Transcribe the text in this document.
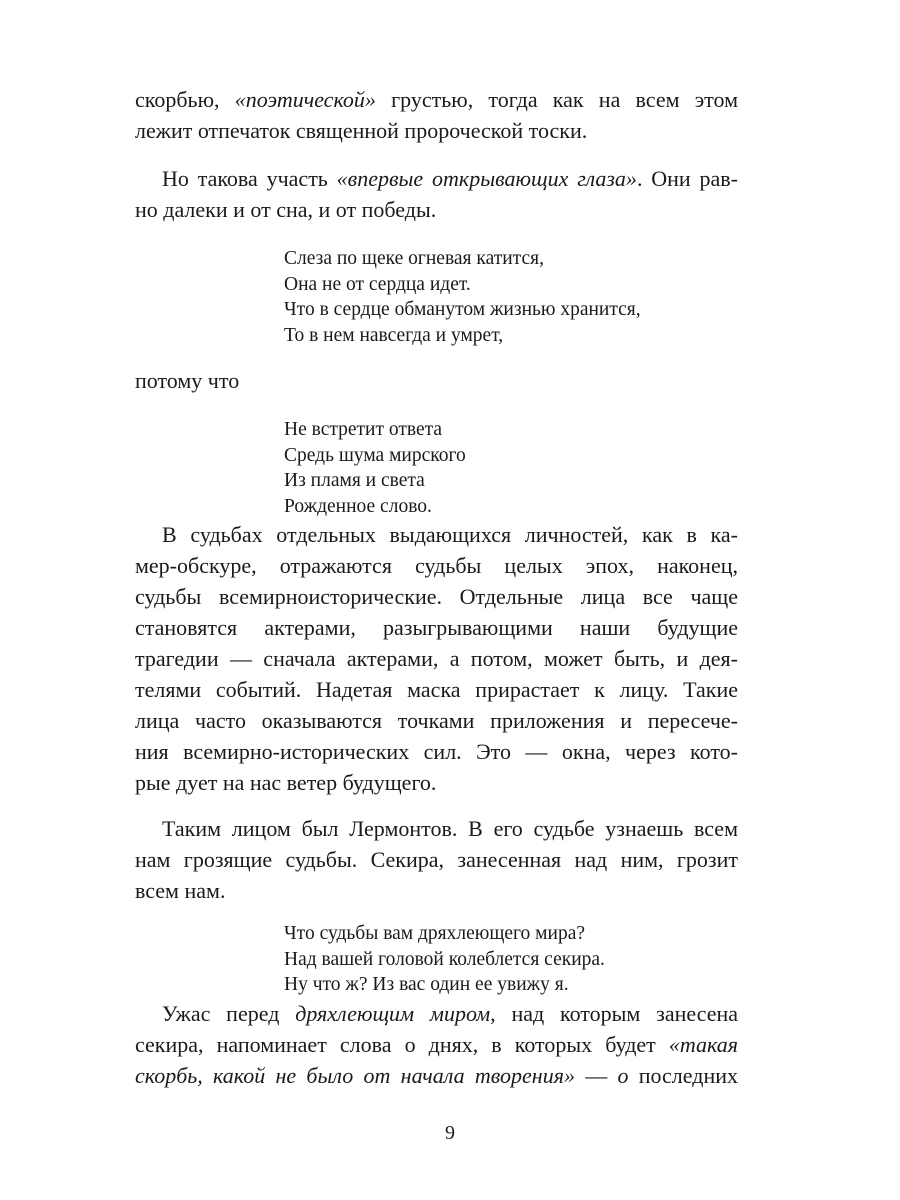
скорбью, «поэтической» грустью, тогда как на всем этом
лежит отпечаток священной пророческой тоски.
Но такова участь «впервые открывающих глаза». Они рав-
но далеки и от сна, и от победы.
Слеза по щеке огневая катится,
Она не от сердца идет.
Что в сердце обманутом жизнью хранится,
То в нем навсегда и умрет,
потому что
Не встретит ответа
Средь шума мирского
Из пламя и света
Рожденное слово.
В судьбах отдельных выдающихся личностей, как в ка-
мер-обскуре, отражаются судьбы целых эпох, наконец,
судьбы всемирноисторические. Отдельные лица все чаще
становятся актерами, разыгрывающими наши будущие
трагедии — сначала актерами, а потом, может быть, и дея-
телями событий. Надетая маска прирастает к лицу. Такие
лица часто оказываются точками приложения и пересече-
ния всемирно-исторических сил. Это — окна, через кото-
рые дует на нас ветер будущего.
Таким лицом был Лермонтов. В его судьбе узнаешь всем
нам грозящие судьбы. Секира, занесенная над ним, грозит
всем нам.
Что судьбы вам дряхлеющего мира?
Над вашей головой колеблется секира.
Ну что ж? Из вас один ее увижу я.
Ужас перед дряхлеющим миром, над которым занесена
секира, напоминает слова о днях, в которых будет «такая
скорбь, какой не было от начала творения» — о последних
9
